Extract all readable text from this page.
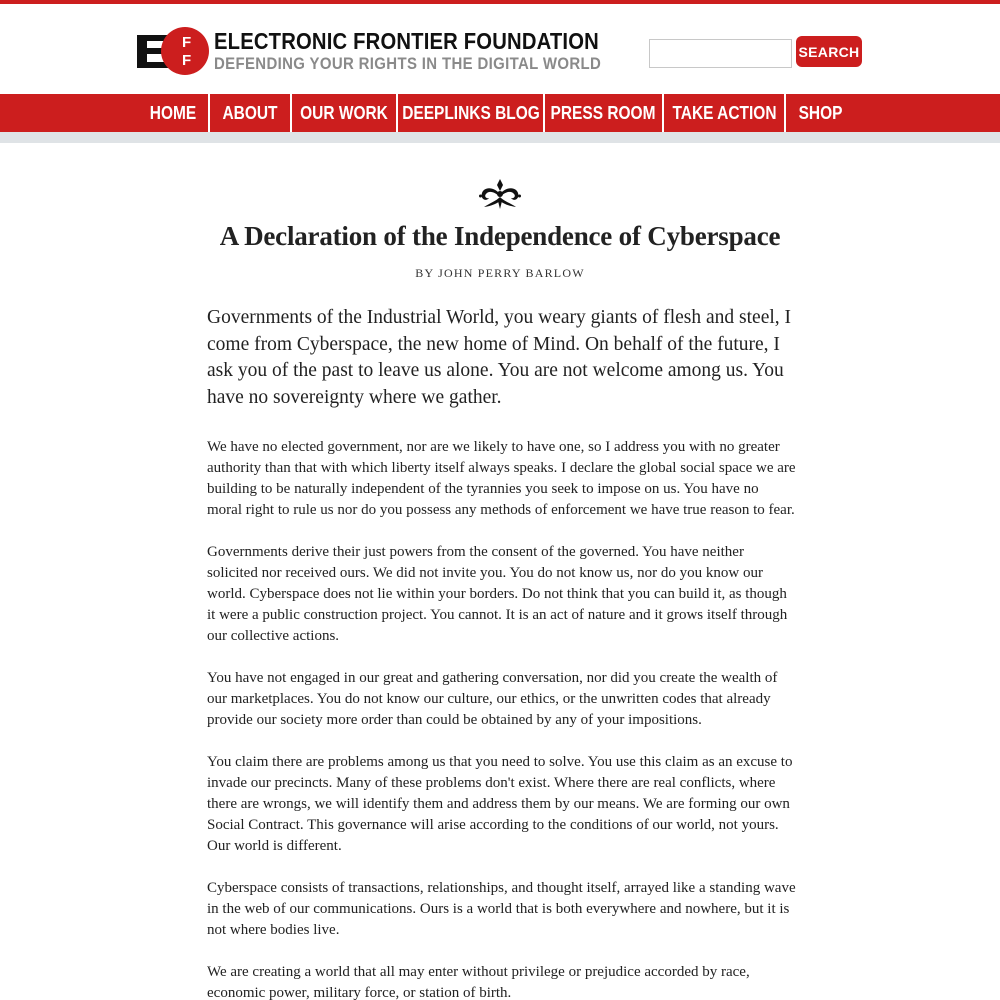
F
F
ELECTRONIC FRONTIER FOUNDATION
DEFENDING YOUR RIGHTS IN THE DIGITAL WORLD
SEARCH
HOME ABOUT OUR WORK DEEPLINKS BLOG PRESS ROOM TAKE ACTION SHOP
A Declaration of the Independence of Cyberspace
BY JOHN PERRY BARLOW

Governments of the Industrial World, you weary giants of flesh and steel, I come from Cyberspace, the new home of Mind. On behalf of the future, I ask you of the past to leave us alone. You are not welcome among us. You have no sovereignty where we gather.

We have no elected government, nor are we likely to have one, so I address you with no greater authority than that with which liberty itself always speaks. I declare the global social space we are building to be naturally independent of the tyrannies you seek to impose on us. You have no moral right to rule us nor do you possess any methods of enforcement we have true reason to fear.

Governments derive their just powers from the consent of the governed. You have neither solicited nor received ours. We did not invite you. You do not know us, nor do you know our world. Cyberspace does not lie within your borders. Do not think that you can build it, as though it were a public construction project. You cannot. It is an act of nature and it grows itself through our collective actions.

You have not engaged in our great and gathering conversation, nor did you create the wealth of our marketplaces. You do not know our culture, our ethics, or the unwritten codes that already provide our society more order than could be obtained by any of your impositions.

You claim there are problems among us that you need to solve. You use this claim as an excuse to invade our precincts. Many of these problems don't exist. Where there are real conflicts, where there are wrongs, we will identify them and address them by our means. We are forming our own Social Contract. This governance will arise according to the conditions of our world, not yours. Our world is different.

Cyberspace consists of transactions, relationships, and thought itself, arrayed like a standing wave in the web of our communications. Ours is a world that is both everywhere and nowhere, but it is not where bodies live.

We are creating a world that all may enter without privilege or prejudice accorded by race, economic power, military force, or station of birth.
